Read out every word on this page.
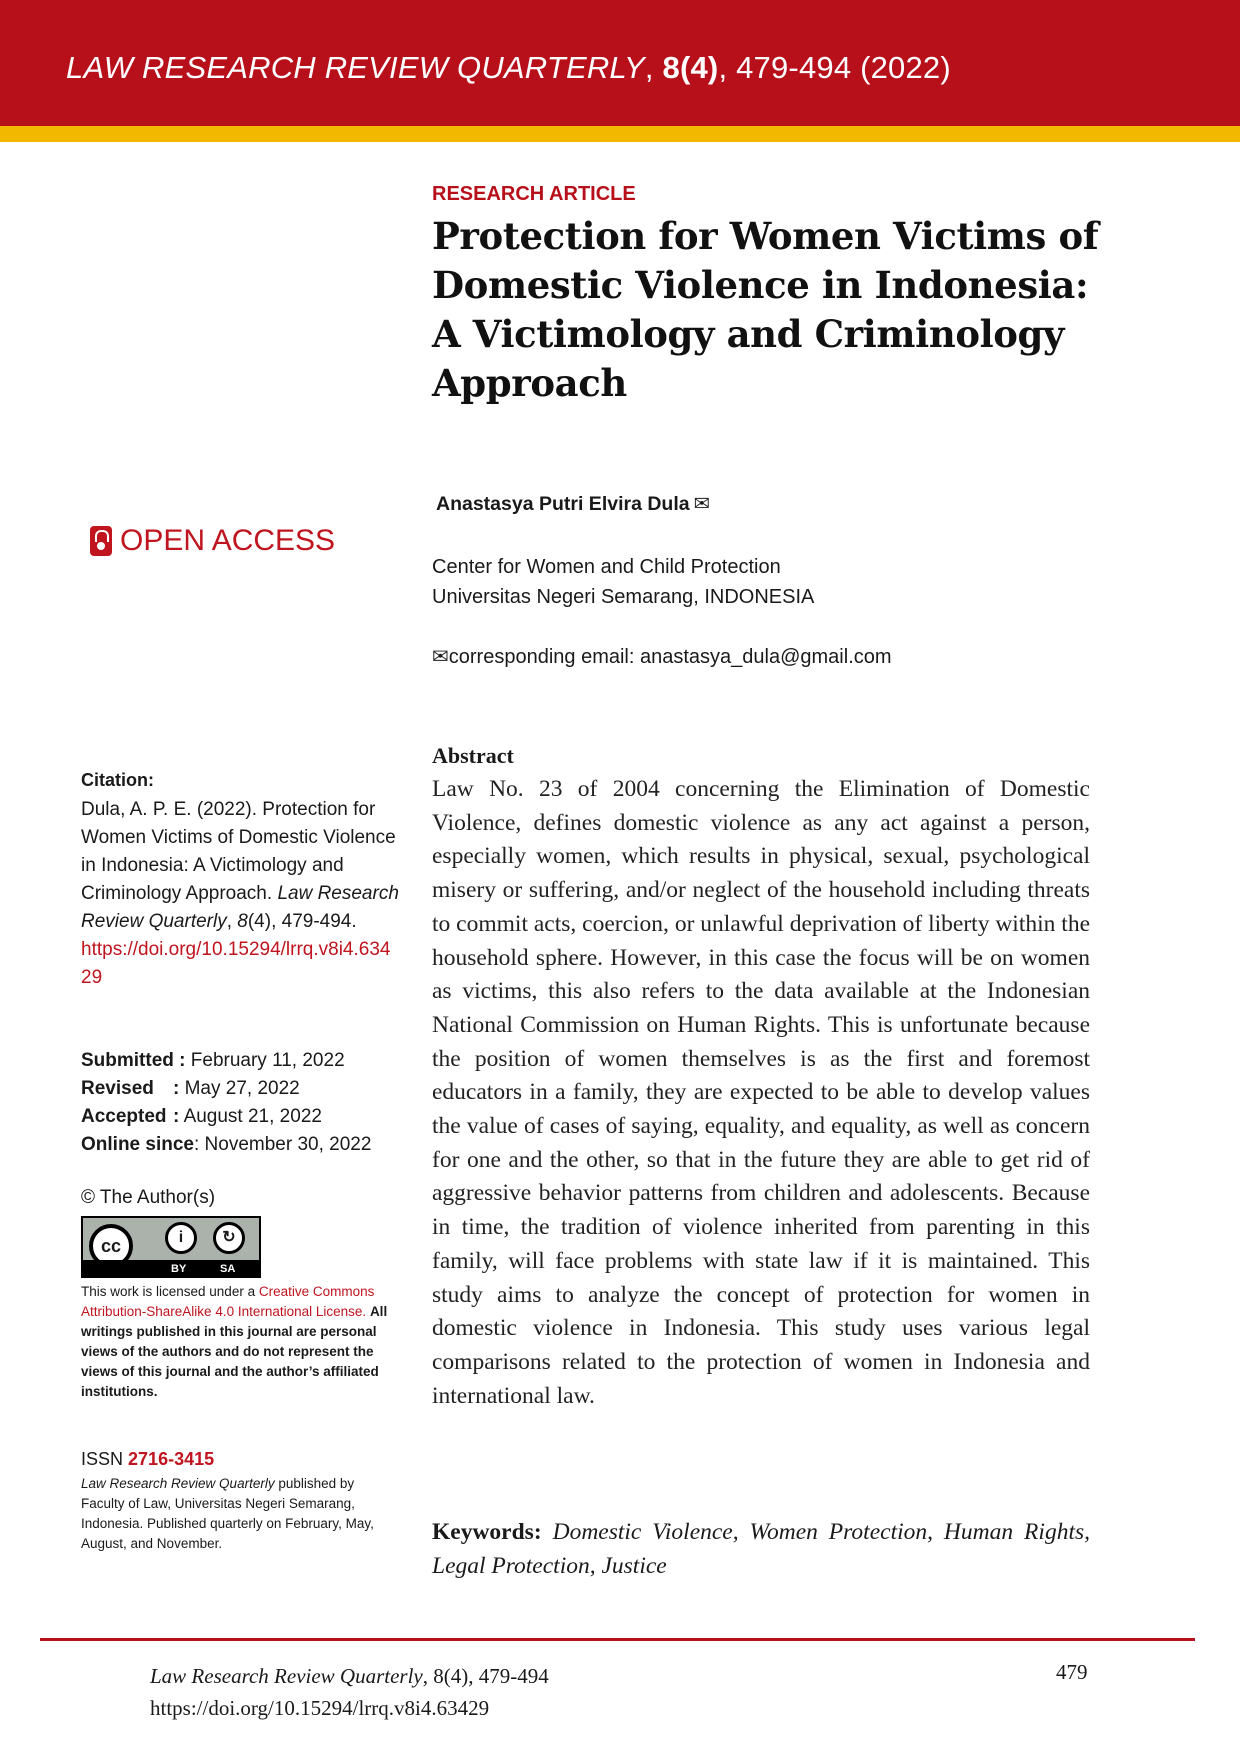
LAW RESEARCH REVIEW QUARTERLY, 8(4), 479-494 (2022)
RESEARCH ARTICLE
Protection for Women Victims of Domestic Violence in Indonesia: A Victimology and Criminology Approach
Anastasya Putri Elvira Dula ✉
Center for Women and Child Protection
Universitas Negeri Semarang, INDONESIA
✉corresponding email: anastasya_dula@gmail.com
OPEN ACCESS
Citation:
Dula, A. P. E. (2022). Protection for Women Victims of Domestic Violence in Indonesia: A Victimology and Criminology Approach. Law Research Review Quarterly, 8(4), 479-494.
https://doi.org/10.15294/lrrq.v8i4.63429
Submitted : February 11, 2022
Revised : May 27, 2022
Accepted : August 21, 2022
Online since: November 30, 2022
© The Author(s)
cc	i	↻
BY	SA
This work is licensed under a Creative Commons Attribution-ShareAlike 4.0 International License. All writings published in this journal are personal views of the authors and do not represent the views of this journal and the author’s affiliated institutions.
ISSN 2716-3415
Law Research Review Quarterly published by Faculty of Law, Universitas Negeri Semarang, Indonesia. Published quarterly on February, May, August, and November.
Abstract
Law No. 23 of 2004 concerning the Elimination of Domestic Violence, defines domestic violence as any act against a person, especially women, which results in physical, sexual, psychological misery or suffering, and/or neglect of the household including threats to commit acts, coercion, or unlawful deprivation of liberty within the household sphere. However, in this case the focus will be on women as victims, this also refers to the data available at the Indonesian National Commission on Human Rights. This is unfortunate because the position of women themselves is as the first and foremost educators in a family, they are expected to be able to develop values the value of cases of saying, equality, and equality, as well as concern for one and the other, so that in the future they are able to get rid of aggressive behavior patterns from children and adolescents. Because in time, the tradition of violence inherited from parenting in this family, will face problems with state law if it is maintained. This study aims to analyze the concept of protection for women in domestic violence in Indonesia. This study uses various legal comparisons related to the protection of women in Indonesia and international law.
Keywords: Domestic Violence, Women Protection, Human Rights, Legal Protection, Justice
Law Research Review Quarterly, 8(4), 479-494
https://doi.org/10.15294/lrrq.v8i4.63429
479
